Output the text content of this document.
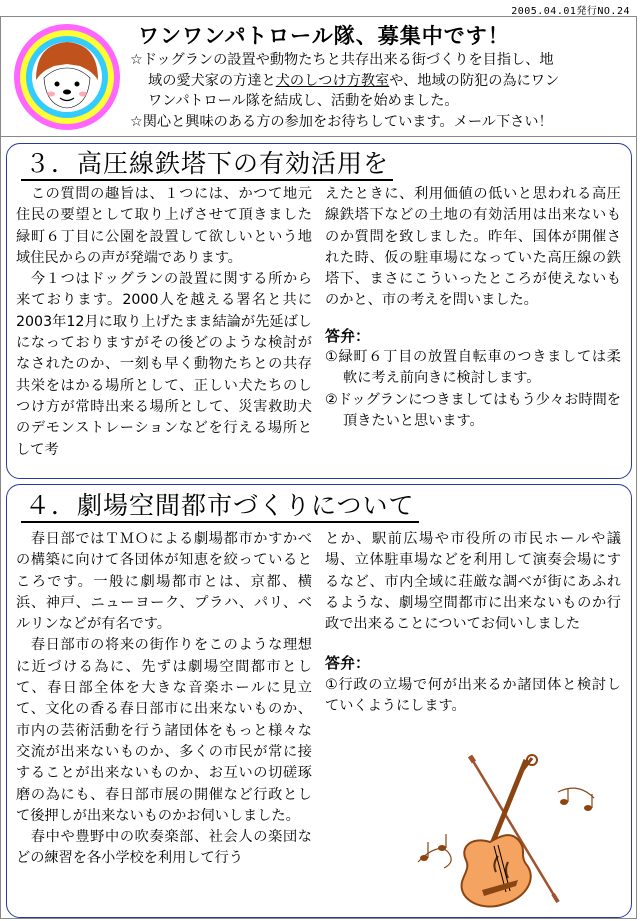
2005.04.01発行NO.24
ワンワンパトロール隊、募集中です！

☆ドッグランの設置や動物たちと共存出来る街づくりを目指し、地

域の愛犬家の方達と犬のしつけ方教室や、地域の防犯の為にワン

ワンパトロール隊を結成し、活動を始めました。

☆関心と興味のある方の参加をお待ちしています。メール下さい！

３．高圧線鉄塔下の有効活用を

　この質問の趣旨は、１つには、かつて地元住民の要望として取り上げさせて頂きました緑町６丁目に公園を設置して欲しいという地域住民からの声が発端であります。

　今１つはドッグランの設置に関する所から来ております。2000人を越える署名と共に2003年12月に取り上げたまま結論が先延ばしになっておりますがその後どのような検討がなされたのか、一刻も早く動物たちとの共存共栄をはかる場所として、正しい犬たちのしつけ方が常時出来る場所として、災害救助犬のデモンストレーションなどを行える場所として考

えたときに、利用価値の低いと思われる高圧線鉄塔下などの土地の有効活用は出来ないものか質問を致しました。昨年、国体が開催された時、仮の駐車場になっていた高圧線の鉄塔下、まさにこういったところが使えないものかと、市の考えを問いました。

答弁：

①緑町６丁目の放置自転車のつきましては柔軟に考え前向きに検討します。

②ドッグランにつきましてはもう少々お時間を頂きたいと思います。

４．劇場空間都市づくりについて

　春日部ではＴＭＯによる劇場都市かすかべの構築に向けて各団体が知恵を絞っているところです。一般に劇場都市とは、京都、横浜、神戸、ニューヨーク、プラハ、パリ、ベルリンなどが有名です。

　春日部市の将来の街作りをこのような理想に近づける為に、先ずは劇場空間都市として、春日部全体を大きな音楽ホールに見立て、文化の香る春日部市に出来ないものか、市内の芸術活動を行う諸団体をもっと様々な交流が出来ないものか、多くの市民が常に接することが出来ないものか、お互いの切磋琢磨の為にも、春日部市展の開催など行政として後押しが出来ないものかお伺いしました。

　春中や豊野中の吹奏楽部、社会人の楽団などの練習を各小学校を利用して行う

とか、駅前広場や市役所の市民ホールや議場、立体駐車場などを利用して演奏会場にするなど、市内全域に荘厳な調べが街にあふれるような、劇場空間都市に出来ないものか行政で出来ることについてお伺いしました

答弁：

①行政の立場で何が出来るか諸団体と検討していくようにします。
